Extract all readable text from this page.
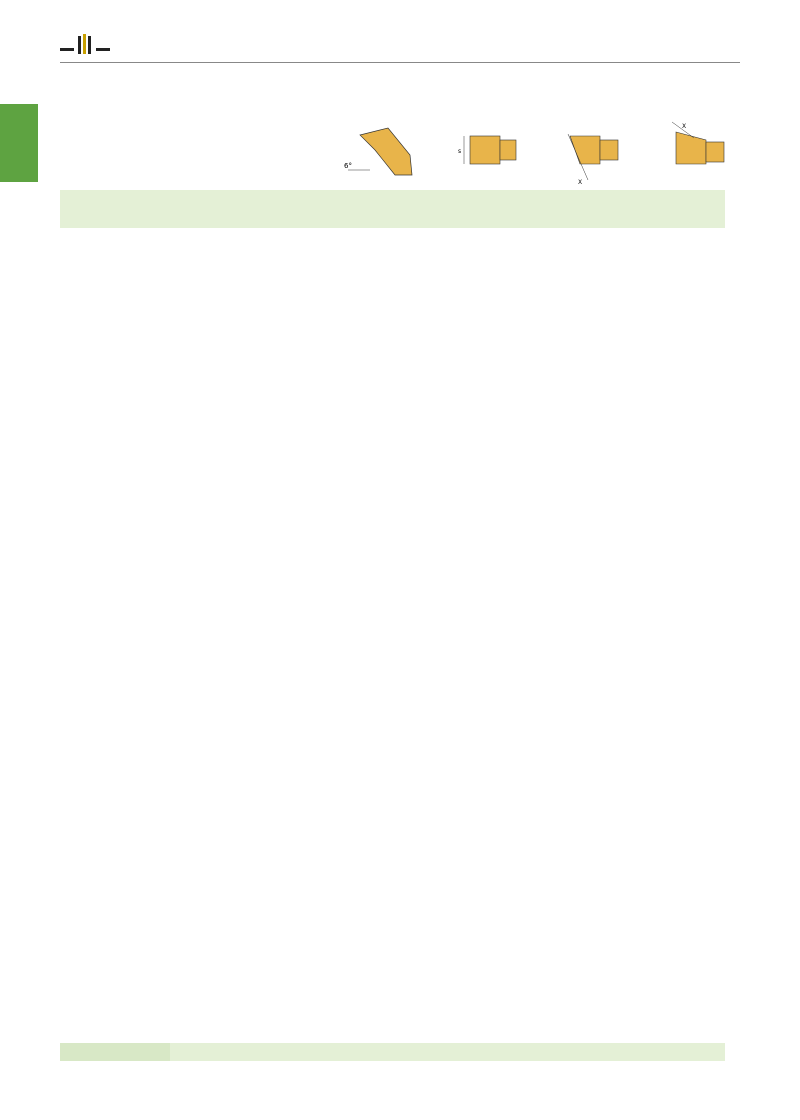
6°
s
X
X
